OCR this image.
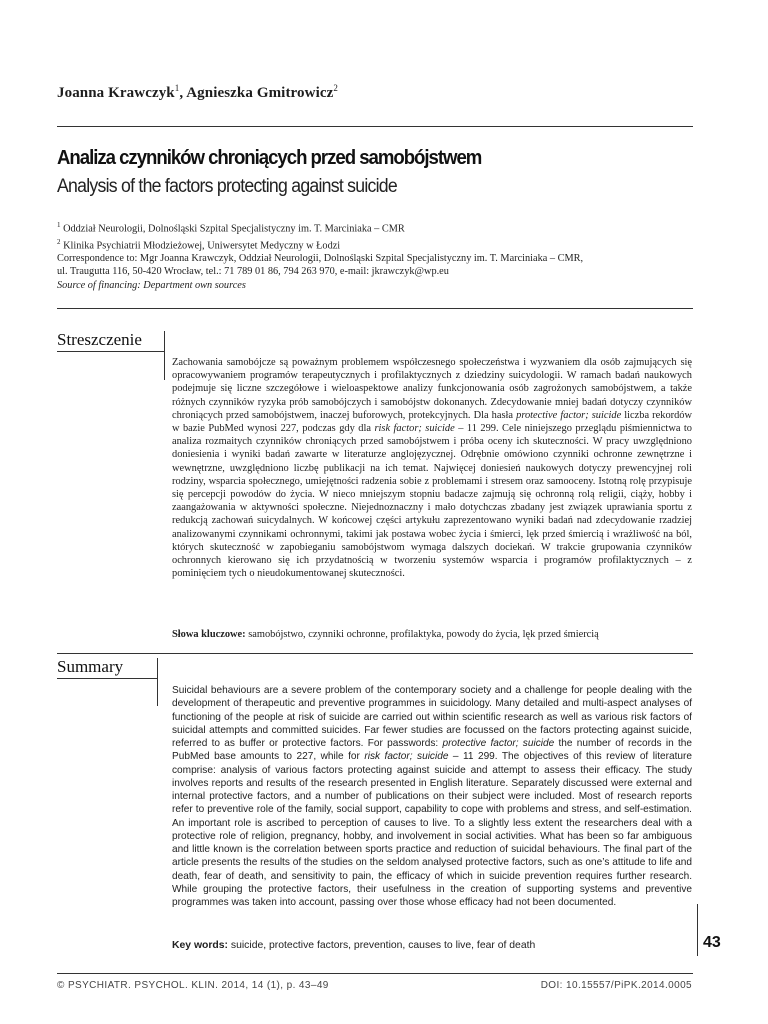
Joanna Krawczyk$^1$, Agnieszka Gmitrowicz$^2$
Analiza czynników chroniących przed samobójstwem
Analysis of the factors protecting against suicide
$^1$ Oddział Neurologii, Dolnośląski Szpital Specjalistyczny im. T. Marciniaka – CMR
$^2$ Klinika Psychiatrii Młodzieżowej, Uniwersytet Medyczny w Łodzi
Correspondence to: Mgr Joanna Krawczyk, Oddział Neurologii, Dolnośląski Szpital Specjalistyczny im. T. Marciniaka – CMR,
ul. Traugutta 116, 50-420 Wrocław, tel.: 71 789 01 86, 794 263 970, e-mail: jkrawczyk@wp.eu
Source of financing: Department own sources
Streszczenie
Zachowania samobójcze są poważnym problemem współczesnego społeczeństwa i wyzwaniem dla osób zajmujących się opracowywaniem programów terapeutycznych i profilaktycznych z dziedziny suicydologii. W ramach badań naukowych podejmuje się liczne szczegółowe i wieloaspektowe analizy funkcjonowania osób zagrożonych samobójstwem, a także różnych czynników ryzyka prób samobójczych i samobójstw dokonanych. Zdecydowanie mniej badań dotyczy czynników chroniących przed samobójstwem, inaczej buforowych, protekcyjnych. Dla hasła protective factor; suicide liczba rekordów w bazie PubMed wynosi 227, podczas gdy dla risk factor; suicide – 11 299. Cele niniejszego przeglądu piśmiennictwa to analiza rozmaitych czynników chroniących przed samobójstwem i próba oceny ich skuteczności. W pracy uwzględniono doniesienia i wyniki badań zawarte w literaturze anglojęzycznej. Odrębnie omówiono czynniki ochronne zewnętrzne i wewnętrzne, uwzględniono liczbę publikacji na ich temat. Najwięcej doniesień naukowych dotyczy prewencyjnej roli rodziny, wsparcia społecznego, umiejętności radzenia sobie z problemami i stresem oraz samooceny. Istotną rolę przypisuje się percepcji powodów do życia. W nieco mniejszym stopniu badacze zajmują się ochronną rolą religii, ciąży, hobby i zaangażowania w aktywności społeczne. Niejednoznaczny i mało dotychczas zbadany jest związek uprawiania sportu z redukcją zachowań suicydalnych. W końcowej części artykułu zaprezentowano wyniki badań nad zdecydowanie rzadziej analizowanymi czynnikami ochronnymi, takimi jak postawa wobec życia i śmierci, lęk przed śmiercią i wrażliwość na ból, których skuteczność w zapobieganiu samobójstwom wymaga dalszych dociekań. W trakcie grupowania czynników ochronnych kierowano się ich przydatnością w tworzeniu systemów wsparcia i programów profilaktycznych – z pominięciem tych o nieudokumentowanej skuteczności.
Słowa kluczowe: samobójstwo, czynniki ochronne, profilaktyka, powody do życia, lęk przed śmiercią
Summary
Suicidal behaviours are a severe problem of the contemporary society and a challenge for people dealing with the development of therapeutic and preventive programmes in suicidology. Many detailed and multi-aspect analyses of functioning of the people at risk of suicide are carried out within scientific research as well as various risk factors of suicidal attempts and committed suicides. Far fewer studies are focussed on the factors protecting against suicide, referred to as buffer or protective factors. For passwords: protective factor; suicide the number of records in the PubMed base amounts to 227, while for risk factor; suicide – 11 299. The objectives of this review of literature comprise: analysis of various factors protecting against suicide and attempt to assess their efficacy. The study involves reports and results of the research presented in English literature. Separately discussed were external and internal protective factors, and a number of publications on their subject were included. Most of research reports refer to preventive role of the family, social support, capability to cope with problems and stress, and self-estimation. An important role is ascribed to perception of causes to live. To a slightly less extent the researchers deal with a protective role of religion, pregnancy, hobby, and involvement in social activities. What has been so far ambiguous and little known is the correlation between sports practice and reduction of suicidal behaviours. The final part of the article presents the results of the studies on the seldom analysed protective factors, such as one’s attitude to life and death, fear of death, and sensitivity to pain, the efficacy of which in suicide prevention requires further research. While grouping the protective factors, their usefulness in the creation of supporting systems and preventive programmes was taken into account, passing over those whose efficacy had not been documented.
Key words: suicide, protective factors, prevention, causes to live, fear of death	43
© PSYCHIATR. PSYCHOL. KLIN. 2014, 14 (1), p. 43–49	DOI: 10.15557/PiPK.2014.0005
